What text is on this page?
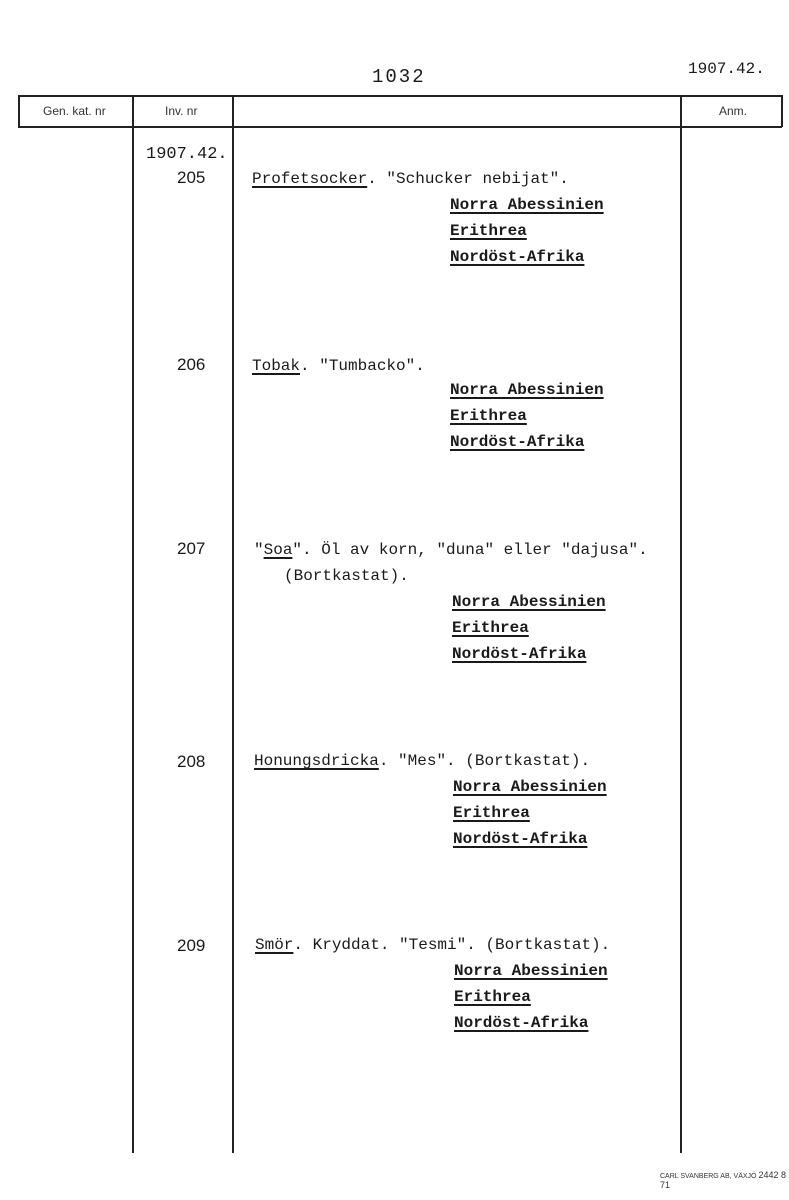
1032	1907.42.
Gen. kat. nr	Inv. nr	Anm.
1907.42.
205	Profetsocker. "Schucker nebijat".
Norra Abessinien
Erithrea
Nordöst-Afrika
206	Tobak. "Tumbacko".
Norra Abessinien
Erithrea
Nordöst-Afrika
207	"Soa". Öl av korn, "duna" eller "dajusa".
(Bortkastat).
Norra Abessinien
Erithrea
Nordöst-Afrika
208	Honungsdricka. "Mes". (Bortkastat).
Norra Abessinien
Erithrea
Nordöst-Afrika
209	Smör. Kryddat. "Tesmi". (Bortkastat).
Norra Abessinien
Erithrea
Nordöst-Afrika
CARL SVANBERG AB, VÄXJÖ 2442 8 71
